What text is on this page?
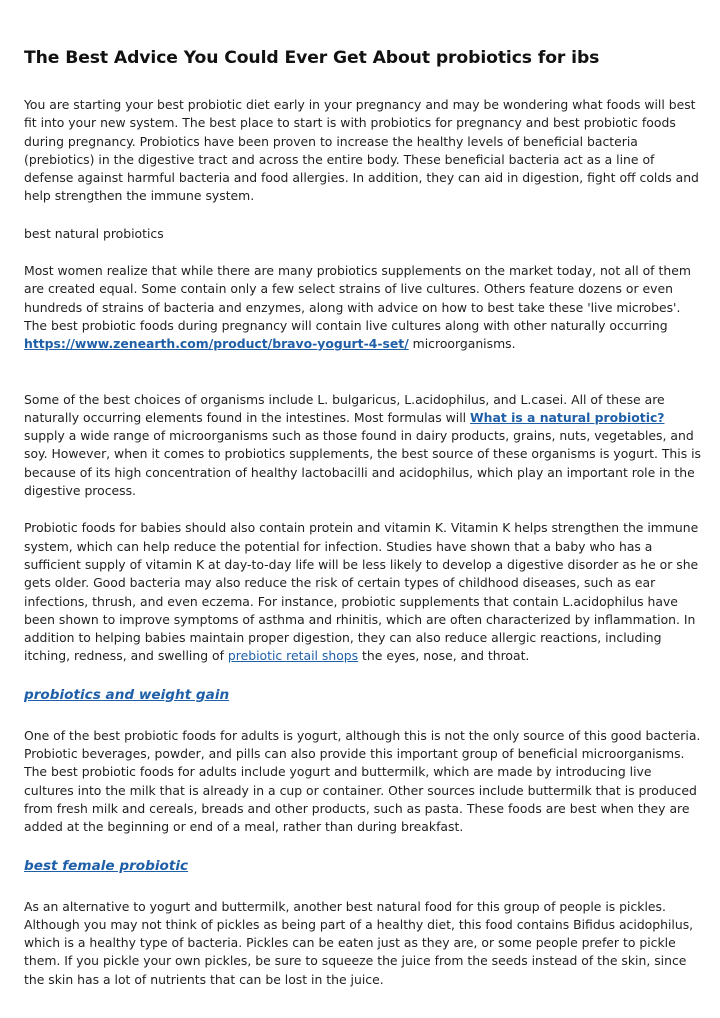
The Best Advice You Could Ever Get About probiotics for ibs

You are starting your best probiotic diet early in your pregnancy and may be wondering what foods will best fit into your new system. The best place to start is with probiotics for pregnancy and best probiotic foods during pregnancy. Probiotics have been proven to increase the healthy levels of beneficial bacteria (prebiotics) in the digestive tract and across the entire body. These beneficial bacteria act as a line of defense against harmful bacteria and food allergies. In addition, they can aid in digestion, fight off colds and help strengthen the immune system.

best natural probiotics

Most women realize that while there are many probiotics supplements on the market today, not all of them are created equal. Some contain only a few select strains of live cultures. Others feature dozens or even hundreds of strains of bacteria and enzymes, along with advice on how to best take these 'live microbes'. The best probiotic foods during pregnancy will contain live cultures along with other naturally occurring https://www.zenearth.com/product/bravo-yogurt-4-set/ microorganisms.

Some of the best choices of organisms include L. bulgaricus, L.acidophilus, and L.casei. All of these are naturally occurring elements found in the intestines. Most formulas will What is a natural probiotic? supply a wide range of microorganisms such as those found in dairy products, grains, nuts, vegetables, and soy. However, when it comes to probiotics supplements, the best source of these organisms is yogurt. This is because of its high concentration of healthy lactobacilli and acidophilus, which play an important role in the digestive process.

Probiotic foods for babies should also contain protein and vitamin K. Vitamin K helps strengthen the immune system, which can help reduce the potential for infection. Studies have shown that a baby who has a sufficient supply of vitamin K at day-to-day life will be less likely to develop a digestive disorder as he or she gets older. Good bacteria may also reduce the risk of certain types of childhood diseases, such as ear infections, thrush, and even eczema. For instance, probiotic supplements that contain L.acidophilus have been shown to improve symptoms of asthma and rhinitis, which are often characterized by inflammation. In addition to helping babies maintain proper digestion, they can also reduce allergic reactions, including itching, redness, and swelling of prebiotic retail shops the eyes, nose, and throat.

probiotics and weight gain

One of the best probiotic foods for adults is yogurt, although this is not the only source of this good bacteria. Probiotic beverages, powder, and pills can also provide this important group of beneficial microorganisms. The best probiotic foods for adults include yogurt and buttermilk, which are made by introducing live cultures into the milk that is already in a cup or container. Other sources include buttermilk that is produced from fresh milk and cereals, breads and other products, such as pasta. These foods are best when they are added at the beginning or end of a meal, rather than during breakfast.

best female probiotic

As an alternative to yogurt and buttermilk, another best natural food for this group of people is pickles. Although you may not think of pickles as being part of a healthy diet, this food contains Bifidus acidophilus, which is a healthy type of bacteria. Pickles can be eaten just as they are, or some people prefer to pickle them. If you pickle your own pickles, be sure to squeeze the juice from the seeds instead of the skin, since the skin has a lot of nutrients that can be lost in the juice.
